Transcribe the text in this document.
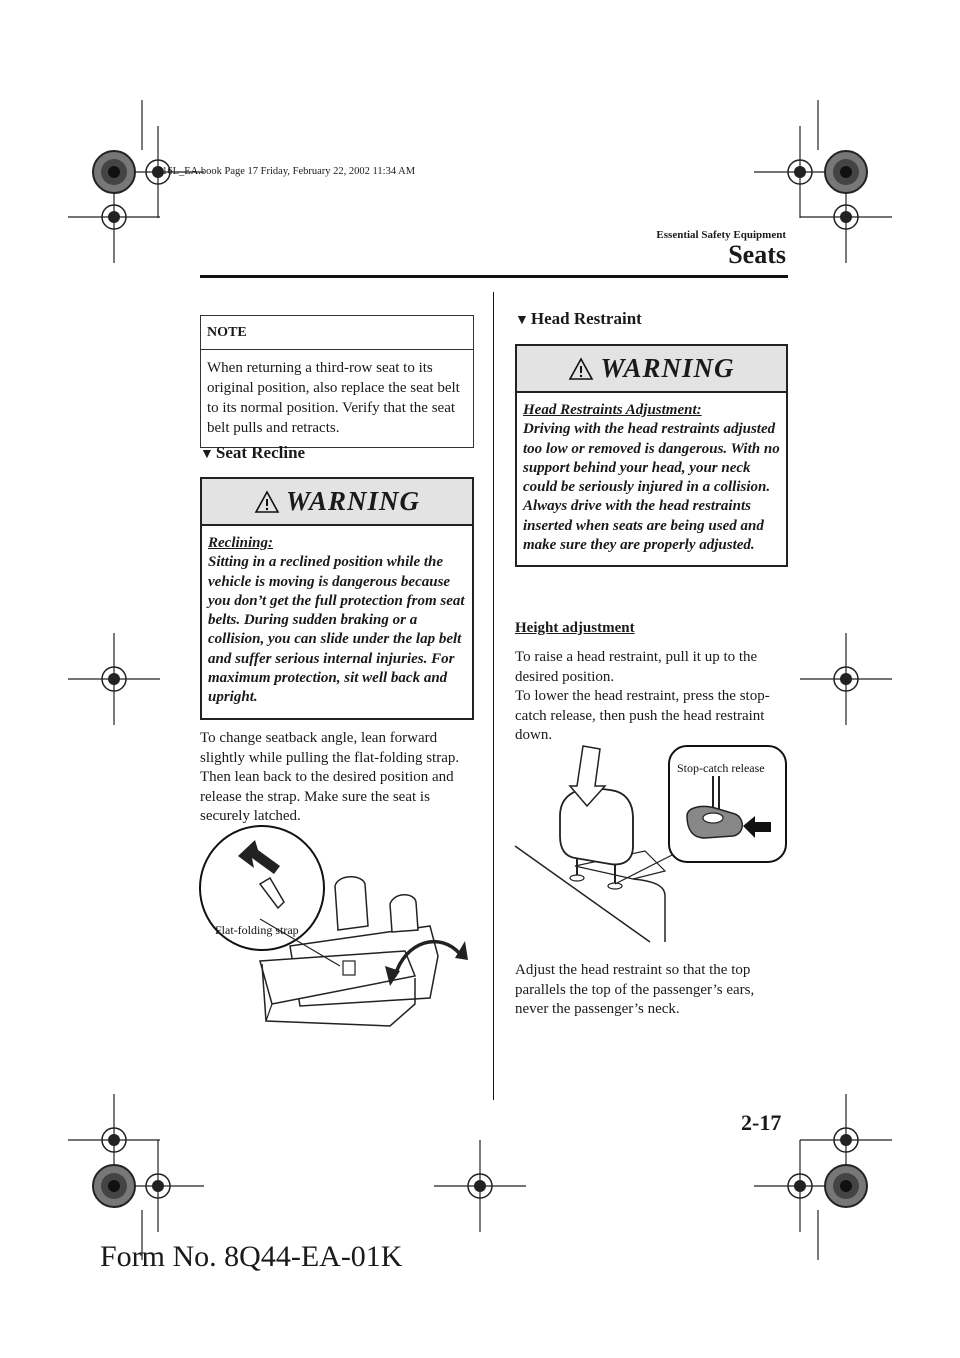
J16L_EA.book Page 17 Friday, February 22, 2002 11:34 AM
Essential Safety Equipment
Seats
NOTE
When returning a third-row seat to its original position, also replace the seat belt to its normal position. Verify that the seat belt pulls and retracts.
▼ Seat Recline
WARNING
Reclining:
Sitting in a reclined position while the vehicle is moving is dangerous because you don’t get the full protection from seat belts. During sudden braking or a collision, you can slide under the lap belt and suffer serious internal injuries. For maximum protection, sit well back and upright.
To change seatback angle, lean forward slightly while pulling the flat-folding strap. Then lean back to the desired position and release the strap. Make sure the seat is securely latched.
Flat-folding strap
▼ Head Restraint
WARNING
Head Restraints Adjustment:
Driving with the head restraints adjusted too low or removed is dangerous. With no support behind your head, your neck could be seriously injured in a collision. Always drive with the head restraints inserted when seats are being used and make sure they are properly adjusted.
Height adjustment
To raise a head restraint, pull it up to the desired position.
To lower the head restraint, press the stop-catch release, then push the head restraint down.
Stop-catch release
Adjust the head restraint so that the top parallels the top of the passenger’s ears, never the passenger’s neck.
2-17
Form No. 8Q44-EA-01K
